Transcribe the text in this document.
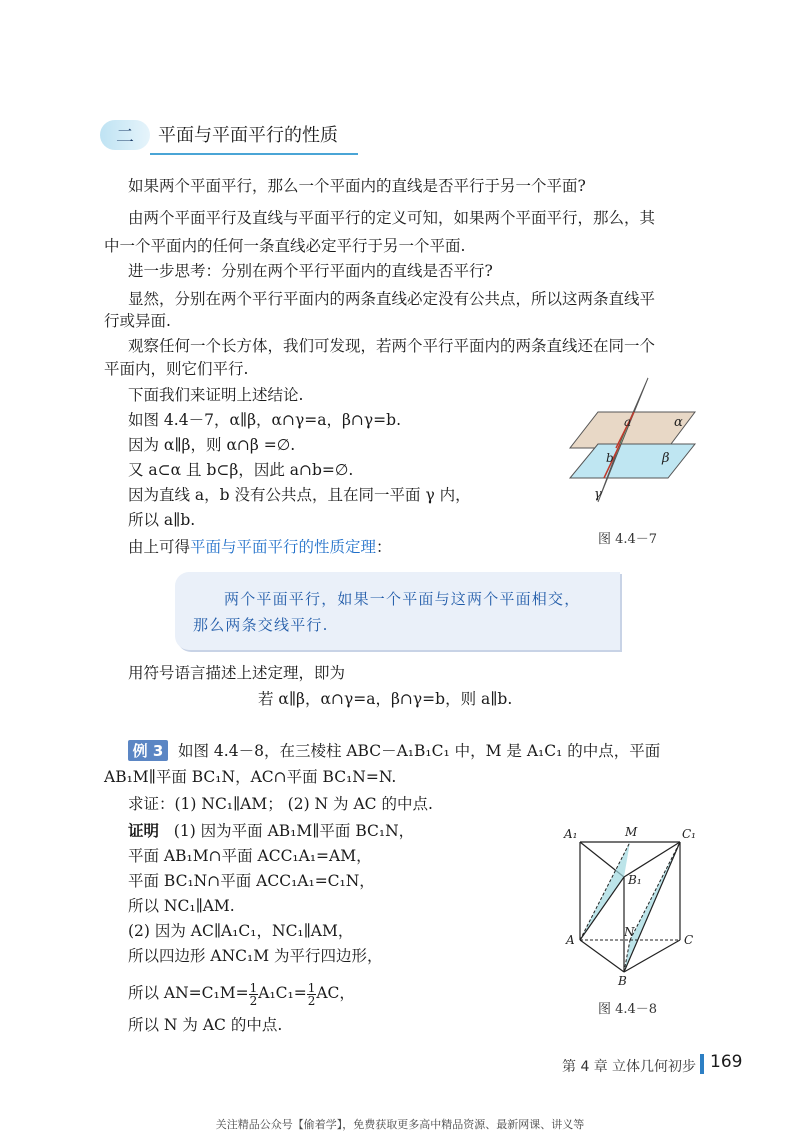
二 平面与平面平行的性质
如果两个平面平行，那么一个平面内的直线是否平行于另一个平面?
由两个平面平行及直线与平面平行的定义可知，如果两个平面平行，那么，其
中一个平面内的任何一条直线必定平行于另一个平面.
进一步思考：分别在两个平行平面内的直线是否平行?
显然，分别在两个平行平面内的两条直线必定没有公共点，所以这两条直线平
行或异面.
观察任何一个长方体，我们可发现，若两个平行平面内的两条直线还在同一个
平面内，则它们平行.
下面我们来证明上述结论.
如图 4.4－7，α∥β，α∩γ=a，β∩γ=b.
因为 α∥β，则 α∩β =∅.
又 a⊂α 且 b⊂β，因此 a∩b=∅.
因为直线 a，b 没有公共点，且在同一平面 γ 内，
所以 a∥b.
由上可得平面与平面平行的性质定理：
α
β
γ
a
b
图 4.4－7
两个平面平行，如果一个平面与这两个平面相交，
那么两条交线平行.
用符号语言描述上述定理，即为
若 α∥β，α∩γ=a，β∩γ=b，则 a∥b.
例
3 如图 4.4－8，在三棱柱 ABC－A₁B₁C₁ 中，M 是 A₁C₁ 的中点，平面
AB₁M∥平面 BC₁N，AC∩平面 BC₁N=N.
求证：(1) NC₁∥AM； (2) N 为 AC 的中点.
证明 (1) 因为平面 AB₁M∥平面 BC₁N，
平面 AB₁M∩平面 ACC₁A₁=AM，
平面 BC₁N∩平面 ACC₁A₁=C₁N，
所以 NC₁∥AM.
(2) 因为 AC∥A₁C₁，NC₁∥AM，
所以四边形 ANC₁M 为平行四边形，
所以 $AN=C_1M= \frac{1}{2} A_1C_1= \frac{1}{2}$ AC，
所以 N 为 AC 的中点.
A₁	M	C₁
B₁
A
N
C
B
图 4.4－8
第 4 章 立体几何初步 169
关注精品公众号【偷着学】，免费获取更多高中精品资源、最新网课、讲义等
